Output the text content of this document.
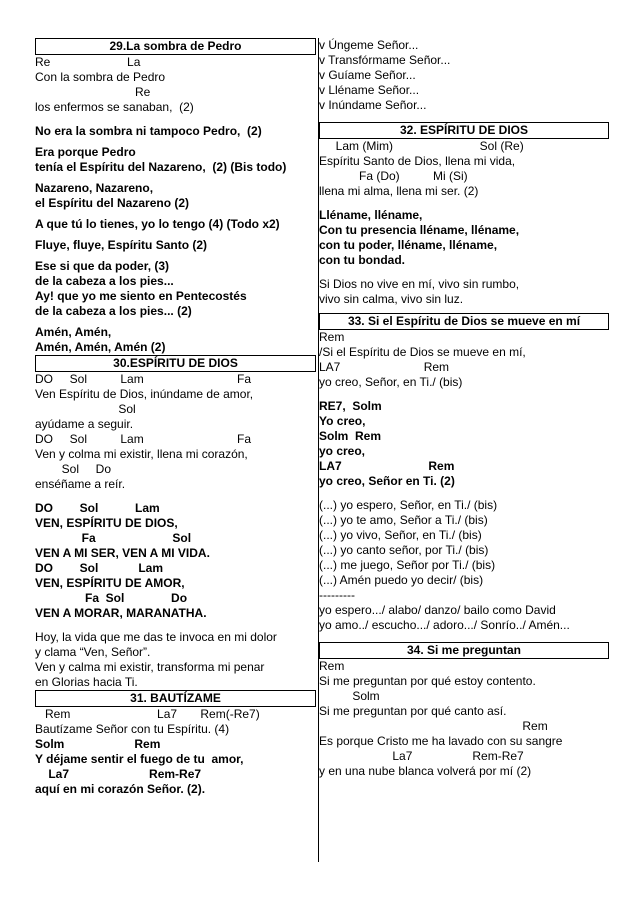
29.La sombra de Pedro
Re                       La
Con la sombra de Pedro
Re
los enfermos se sanaban,  (2)
No era la sombra ni tampoco Pedro,  (2)
Era porque Pedro
tenía el Espíritu del Nazareno,  (2) (Bis todo)
Nazareno, Nazareno,
el Espíritu del Nazareno (2)
A que tú lo tienes, yo lo tengo (4) (Todo x2)
Fluye, fluye, Espíritu Santo (2)
Ese si que da poder, (3)
de la cabeza a los pies...
Ay! que yo me siento en Pentecostés
de la cabeza a los pies... (2)
Amén, Amén,
Amén, Amén, Amén (2)
30.ESPÍRITU DE DIOS
DO     Sol          Lam                            Fa
Ven Espíritu de Dios, inúndame de amor,
Sol
ayúdame a seguir.
DO     Sol          Lam                            Fa
Ven y colma mi existir, llena mi corazón,
Sol     Do
enséñame a reír.
DO        Sol           Lam
VEN, ESPÍRITU DE DIOS,
Fa                       Sol
VEN A MI SER, VEN A MI VIDA.
DO        Sol            Lam
VEN, ESPÍRITU DE AMOR,
Fa  Sol              Do
VEN A MORAR, MARANATHA.
Hoy, la vida que me das te invoca en mi dolor
y clama “Ven, Señor”.
Ven y calma mi existir, transforma mi penar
en Glorias hacia Ti.
31. BAUTÍZAME
Rem                          La7       Rem(-Re7)
Bautízame Señor con tu Espíritu. (4)
Solm                     Rem
Y déjame sentir el fuego de tu  amor,
La7                        Rem-Re7
aquí en mi corazón Señor. (2).
v Úngeme Señor...
v Transfórmame Señor...
v Guíame Señor...
v Lléname Señor...
v Inúndame Señor...
32. ESPÍRITU DE DIOS
Lam (Mim)                          Sol (Re)
Espíritu Santo de Dios, llena mi vida,
Fa (Do)          Mi (Si)
llena mi alma, llena mi ser. (2)
Lléname, lléname,
Con tu presencia lléname, lléname,
con tu poder, lléname, lléname,
con tu bondad.
Si Dios no vive en mí, vivo sin rumbo,
vivo sin calma, vivo sin luz.
33. Si el Espíritu de Dios se mueve en mí
Rem
/Si el Espíritu de Dios se mueve en mí,
LA7                         Rem
yo creo, Señor, en Ti./ (bis)
RE7,  Solm
Yo creo,
Solm  Rem
yo creo,
LA7                          Rem
yo creo, Señor en Ti. (2)
(...) yo espero, Señor, en Ti./ (bis)
(...) yo te amo, Señor a Ti./ (bis)
(...) yo vivo, Señor, en Ti./ (bis)
(...) yo canto señor, por Ti./ (bis)
(...) me juego, Señor por Ti./ (bis)
(...) Amén puedo yo decir/ (bis)
---------
yo espero.../ alabo/ danzo/ bailo como David
yo amo../ escucho.../ adoro.../ Sonrío../ Amén...
34. Si me preguntan
Rem
Si me preguntan por qué estoy contento.
Solm
Si me preguntan por qué canto así.
Rem
Es porque Cristo me ha lavado con su sangre
La7                  Rem-Re7
y en una nube blanca volverá por mí (2)
